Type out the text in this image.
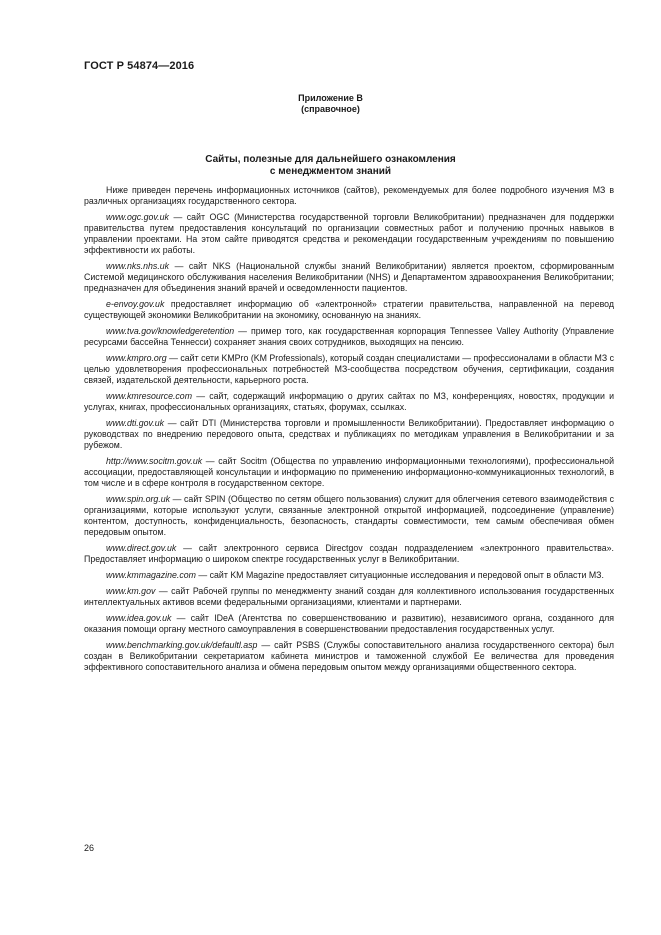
ГОСТ Р 54874—2016
Приложение В
(справочное)
Сайты, полезные для дальнейшего ознакомления
с менеджментом знаний

Ниже приведен перечень информационных источников (сайтов), рекомендуемых для более подробного изучения МЗ в различных организациях государственного сектора.

www.ogc.gov.uk — сайт OGC (Министерства государственной торговли Великобритании) предназначен для поддержки правительства путем предоставления консультаций по организации совместных работ и получению прочных навыков в управлении проектами. На этом сайте приводятся средства и рекомендации государственным учреждениям по повышению эффективности их работы.

www.nks.nhs.uk — сайт NKS (Национальной службы знаний Великобритании) является проектом, сформированным Системой медицинского обслуживания населения Великобритании (NHS) и Департаментом здравоохранения Великобритании; предназначен для объединения знаний врачей и осведомленности пациентов.

e-envoy.gov.uk предоставляет информацию об «электронной» стратегии правительства, направленной на перевод существующей экономики Великобритании на экономику, основанную на знаниях.

www.tva.gov/knowledgeretention — пример того, как государственная корпорация Tennessee Valley Authority (Управление ресурсами бассейна Теннесси) сохраняет знания своих сотрудников, выходящих на пенсию.

www.kmpro.org — сайт сети KMPro (KM Professionals), который создан специалистами — профессионалами в области МЗ с целью удовлетворения профессиональных потребностей МЗ-сообщества посредством обучения, сертификации, создания связей, издательской деятельности, карьерного роста.

www.kmresource.com — сайт, содержащий информацию о других сайтах по МЗ, конференциях, новостях, продукции и услугах, книгах, профессиональных организациях, статьях, форумах, ссылках.

www.dti.gov.uk — сайт DTI (Министерства торговли и промышленности Великобритании). Предоставляет информацию о руководствах по внедрению передового опыта, средствах и публикациях по методикам управления в Великобритании и за рубежом.

http://www.socitm.gov.uk — сайт Socitm (Общества по управлению информационными технологиями), профессиональной ассоциации, предоставляющей консультации и информацию по применению информационно-коммуникационных технологий, в том числе и в сфере контроля в государственном секторе.

www.spin.org.uk — сайт SPIN (Общество по сетям общего пользования) служит для облегчения сетевого взаимодействия с организациями, которые используют услуги, связанные электронной открытой информацией, подсоединение (управление) контентом, доступность, конфиденциальность, безопасность, стандарты совместимости, тем самым обеспечивая обмен передовым опытом.

www.direct.gov.uk — сайт электронного сервиса Directgov создан подразделением «электронного правительства». Предоставляет информацию о широком спектре государственных услуг в Великобритании.

www.kmmagazine.com — сайт KM Magazine предоставляет ситуационные исследования и передовой опыт в области МЗ.

www.km.gov — сайт Рабочей группы по менеджменту знаний создан для коллективного использования государственных интеллектуальных активов всеми федеральными организациями, клиентами и партнерами.

www.idea.gov.uk — сайт IDeA (Агентства по совершенствованию и развитию), независимого органа, созданного для оказания помощи органу местного самоуправления в совершенствовании предоставления государственных услуг.

www.benchmarking.gov.uk/defaultl.asp — сайт PSBS (Службы сопоставительного анализа государственного сектора) был создан в Великобритании секретариатом кабинета министров и таможенной службой Ее величества для проведения эффективного сопоставительного анализа и обмена передовым опытом между организациями общественного сектора.

26
